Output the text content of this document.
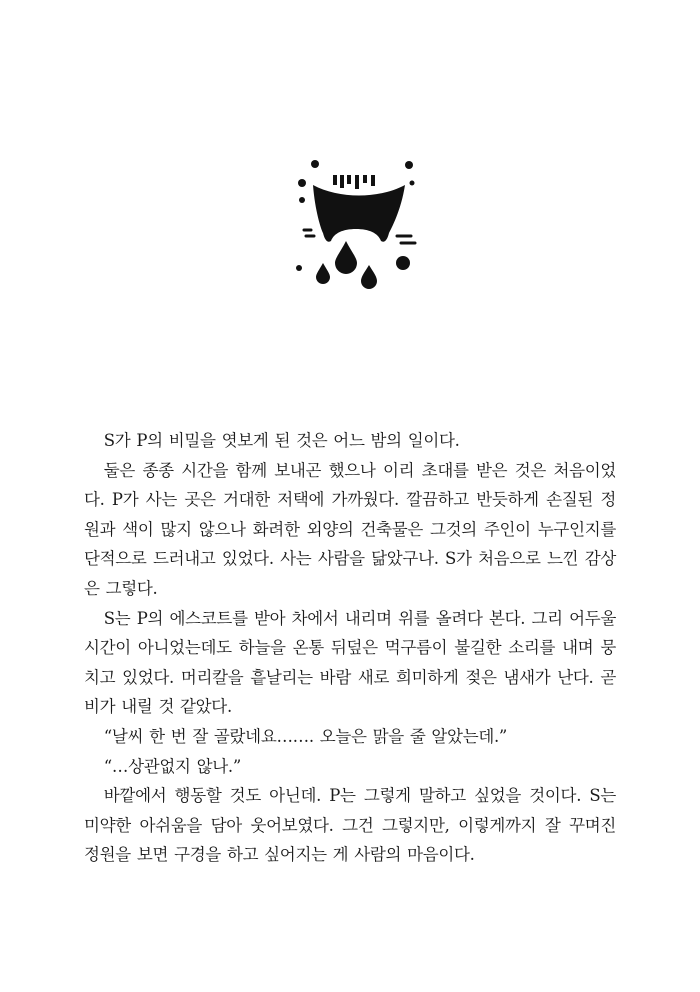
S가 P의 비밀을 엿보게 된 것은 어느 밤의 일이다.

둘은 종종 시간을 함께 보내곤 했으나 이리 초대를 받은 것은 처음이었다. P가 사는 곳은 거대한 저택에 가까웠다. 깔끔하고 반듯하게 손질된 정원과 색이 많지 않으나 화려한 외양의 건축물은 그것의 주인이 누구인지를 단적으로 드러내고 있었다. 사는 사람을 닮았구나. S가 처음으로 느낀 감상은 그렇다.

S는 P의 에스코트를 받아 차에서 내리며 위를 올려다 본다. 그리 어두울 시간이 아니었는데도 하늘을 온통 뒤덮은 먹구름이 불길한 소리를 내며 뭉치고 있었다. 머리칼을 흩날리는 바람 새로 희미하게 젖은 냄새가 난다. 곧 비가 내릴 것 같았다.

“날씨 한 번 잘 골랐네요……. 오늘은 맑을 줄 알았는데.”

“…상관없지 않나.”

바깥에서 행동할 것도 아닌데. P는 그렇게 말하고 싶었을 것이다. S는 미약한 아쉬움을 담아 웃어보였다. 그건 그렇지만, 이렇게까지 잘 꾸며진 정원을 보면 구경을 하고 싶어지는 게 사람의 마음이다.
